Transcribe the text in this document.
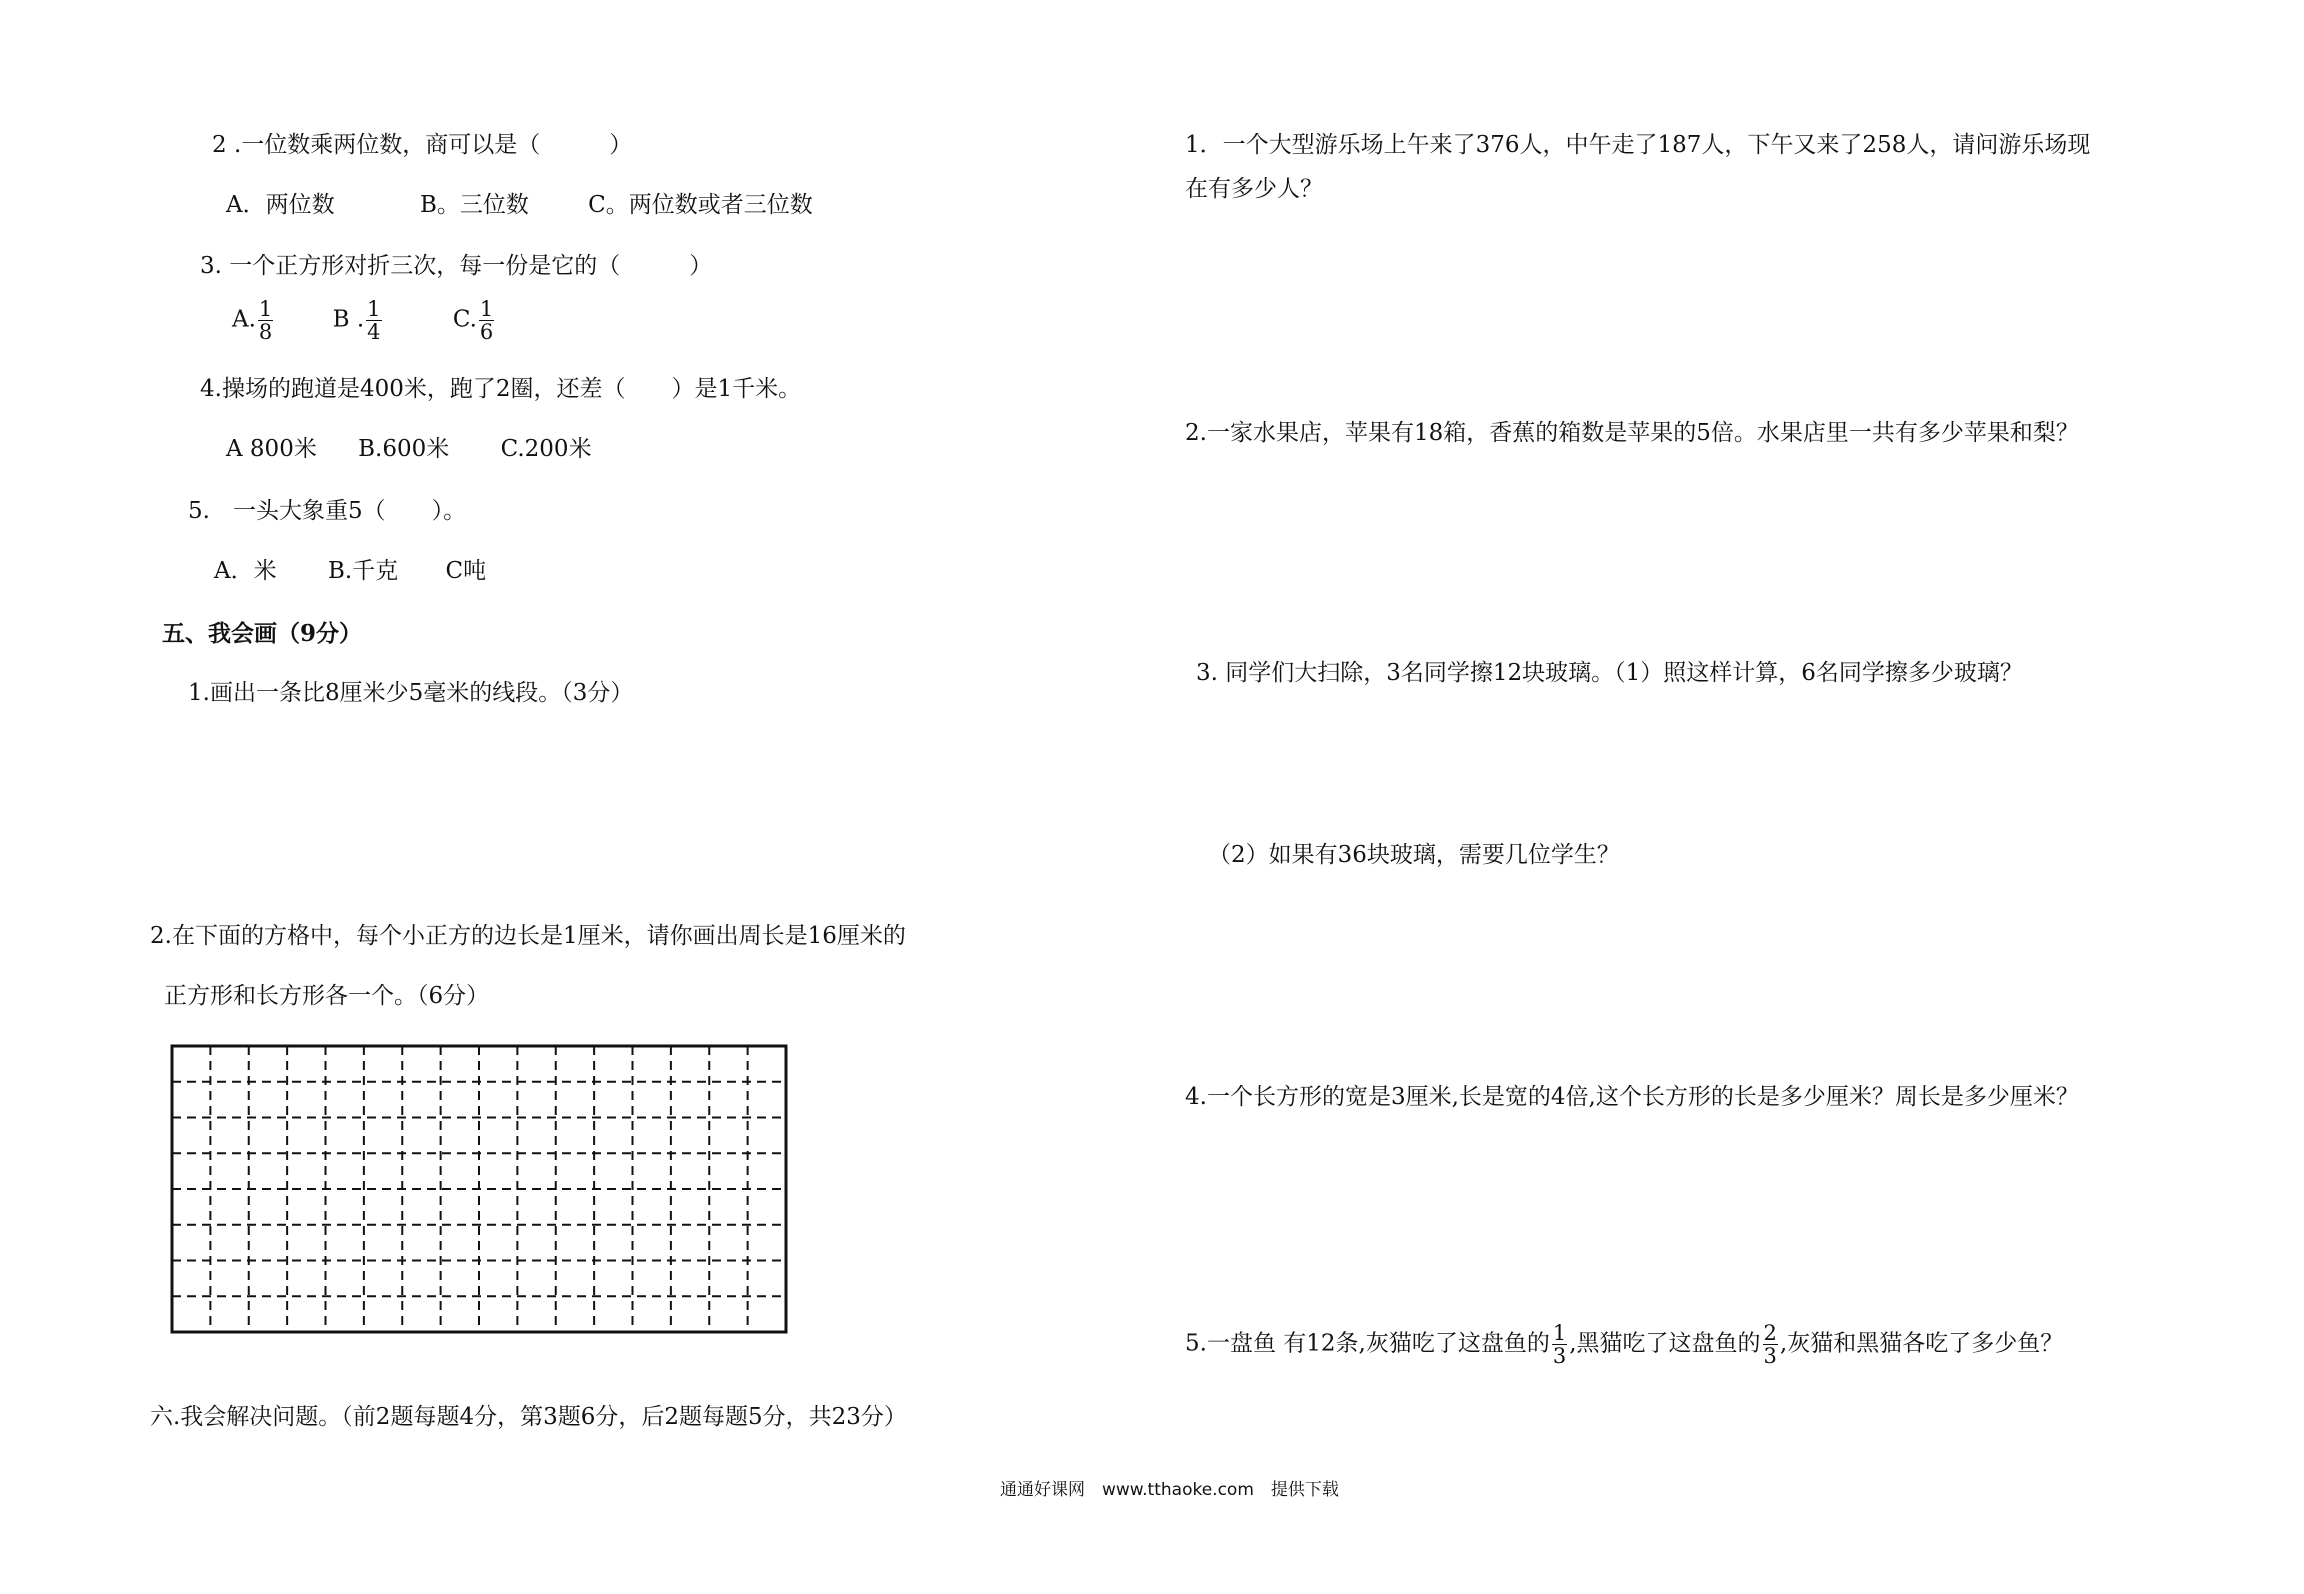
2 .一位数乘两位数，商可以是（　　　）
A．两位数	B。三位数	C。两位数或者三位数
3. 一个正方形对折三次，每一份是它的（　　　）
A. $\frac{1}{8}$	B . $\frac{1}{4}$	C. $\frac{1}{6}$
4.操场的跑道是400米，跑了2圈，还差（　　）是1千米。
A 800米 B.600米 C.200米
5.　一头大象重5（　　）。
A．米 B.千克 C吨
五、我会画（9分）
1.画出一条比8厘米少5毫米的线段。（3分）
2.在下面的方格中，每个小正方的边长是1厘米，请你画出周长是16厘米的
正方形和长方形各一个。（6分）
六.我会解决问题。（前2题每题4分，第3题6分，后2题每题5分，共23分）
1．一个大型游乐场上午来了376人，中午走了187人，下午又来了258人，请问游乐场现
在有多少人？
2.一家水果店，苹果有18箱，香蕉的箱数是苹果的5倍。水果店里一共有多少苹果和梨？
3. 同学们大扫除，3名同学擦12块玻璃。（1）照这样计算，6名同学擦多少玻璃？
（2）如果有36块玻璃，需要几位学生？
4.一个长方形的宽是3厘米,长是宽的4倍,这个长方形的长是多少厘米？周长是多少厘米？
5.一盘鱼 有12条,灰猫吃了这盘鱼的 $\frac{1}{3}$ ,黑猫吃了这盘鱼的 $\frac{2}{3}$ ,灰猫和黑猫各吃了多少鱼？
通通好课网　www.tthaoke.com　提供下载
